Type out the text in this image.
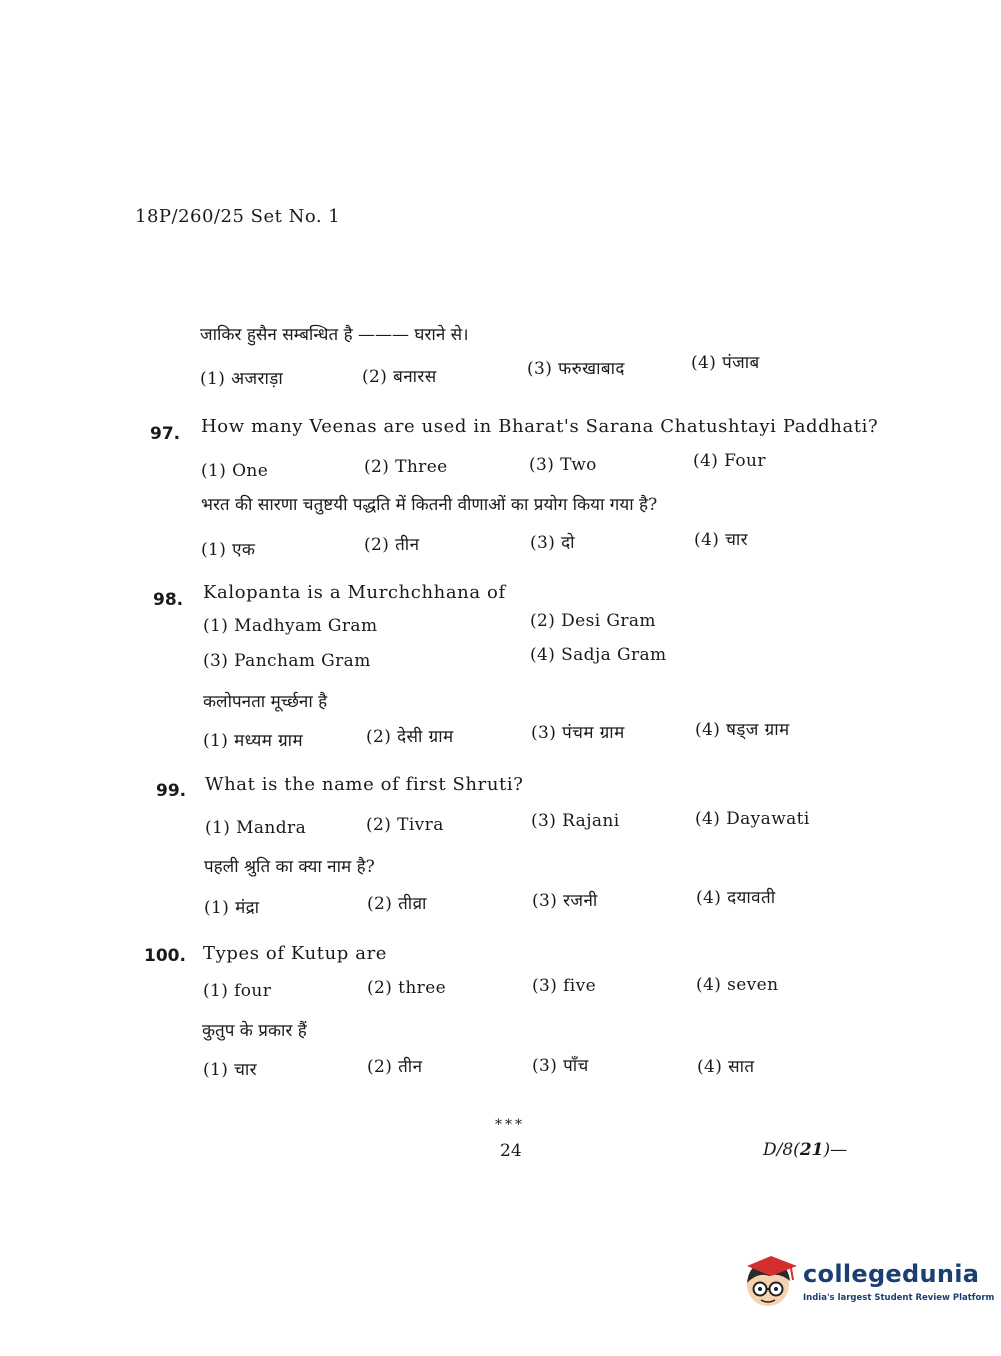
18P/260/25 Set No. 1
जाकिर हुसैन सम्बन्धित है ——— घराने से।
(1) अजराड़ा	(2) बनारस	(3) फरुखाबाद	(4) पंजाब
97. How many Veenas are used in Bharat's Sarana Chatushtayi Paddhati?
(1) One	(2) Three	(3) Two	(4) Four
भरत की सारणा चतुष्टयी पद्धति में कितनी वीणाओं का प्रयोग किया गया है?
(1) एक	(2) तीन	(3) दो	(4) चार
98. Kalopanta is a Murchchhana of
(1) Madhyam Gram	(2) Desi Gram
(3) Pancham Gram	(4) Sadja Gram
कलोपनता मूर्च्छना है
(1) मध्यम ग्राम	(2) देसी ग्राम	(3) पंचम ग्राम	(4) षड्ज ग्राम
99. What is the name of first Shruti?
(1) Mandra	(2) Tivra	(3) Rajani	(4) Dayawati
पहली श्रुति का क्या नाम है?
(1) मंद्रा	(2) तीव्रा	(3) रजनी	(4) दयावती
100. Types of Kutup are
(1) four	(2) three	(3) five	(4) seven
कुतुप के प्रकार हैं
(1) चार	(2) तीन	(3) पाँच	(4) सात
***
24	D/8(21)—
collegedunia
India's largest Student Review Platform
